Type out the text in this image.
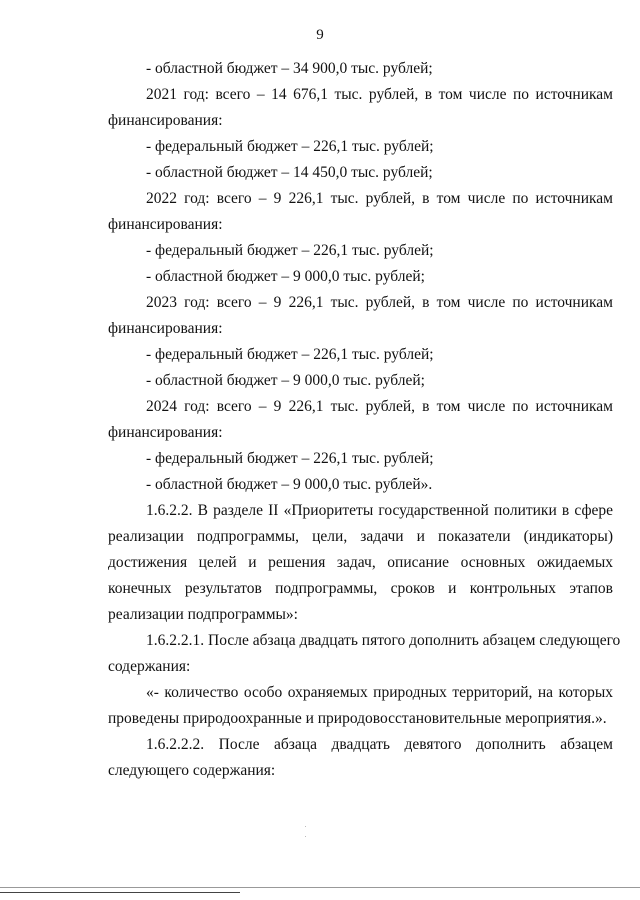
9

- областной бюджет – 34 900,0 тыс. рублей;

2021 год: всего – 14 676,1 тыс. рублей, в том числе по источникам

финансирования:

- федеральный бюджет – 226,1 тыс. рублей;

- областной бюджет – 14 450,0 тыс. рублей;

2022 год: всего – 9 226,1 тыс. рублей, в том числе по источникам

финансирования:

- федеральный бюджет – 226,1 тыс. рублей;

- областной бюджет – 9 000,0 тыс. рублей;

2023 год: всего – 9 226,1 тыс. рублей, в том числе по источникам

финансирования:

- федеральный бюджет – 226,1 тыс. рублей;

- областной бюджет – 9 000,0 тыс. рублей;

2024 год: всего – 9 226,1 тыс. рублей, в том числе по источникам

финансирования:

- федеральный бюджет – 226,1 тыс. рублей;

- областной бюджет – 9 000,0 тыс. рублей».

1.6.2.2. В разделе II «Приоритеты государственной политики в сфере

реализации подпрограммы, цели, задачи и показатели (индикаторы)

достижения целей и решения задач, описание основных ожидаемых

конечных результатов подпрограммы, сроков и контрольных этапов

реализации подпрограммы»:

1.6.2.2.1. После абзаца двадцать пятого дополнить абзацем следующего

содержания:

«- количество особо охраняемых природных территорий, на которых

проведены природоохранные и природовосстановительные мероприятия.».

1.6.2.2.2. После абзаца двадцать девятого дополнить абзацем

следующего содержания:
